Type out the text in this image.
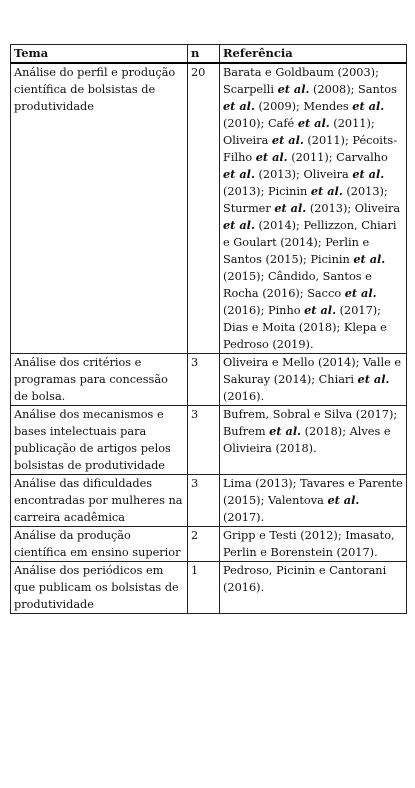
Tema	n	Referência
Análise do perfil e produção científica de bolsistas de produtividade	20	Barata e Goldbaum (2003); Scarpelli et al. (2008); Santos et al. (2009); Mendes et al. (2010); Café et al. (2011); Oliveira et al. (2011); Pécoits-Filho et al. (2011); Carvalho et al. (2013); Oliveira et al. (2013); Picinin et al. (2013); Sturmer et al. (2013); Oliveira et al. (2014); Pellizzon, Chiari e Goulart (2014); Perlin e Santos (2015); Picinin et al. (2015); Cândido, Santos e Rocha (2016); Sacco et al. (2016); Pinho et al. (2017); Dias e Moita (2018); Klepa e Pedroso (2019).
Análise dos critérios e programas para concessão de bolsa.	3	Oliveira e Mello (2014); Valle e Sakuray (2014); Chiari et al. (2016).
Análise dos mecanismos e bases intelectuais para publicação de artigos pelos bolsistas de produtividade	3	Bufrem, Sobral e Silva (2017); Bufrem et al. (2018); Alves e Olivieira (2018).
Análise das dificuldades encontradas por mulheres na carreira acadêmica	3	Lima (2013); Tavares e Parente (2015); Valentova et al. (2017).
Análise da produção científica em ensino superior	2	Gripp e Testi (2012); Imasato, Perlin e Borenstein (2017).
Análise dos periódicos em que publicam os bolsistas de produtividade	1	Pedroso, Picinin e Cantorani (2016).
